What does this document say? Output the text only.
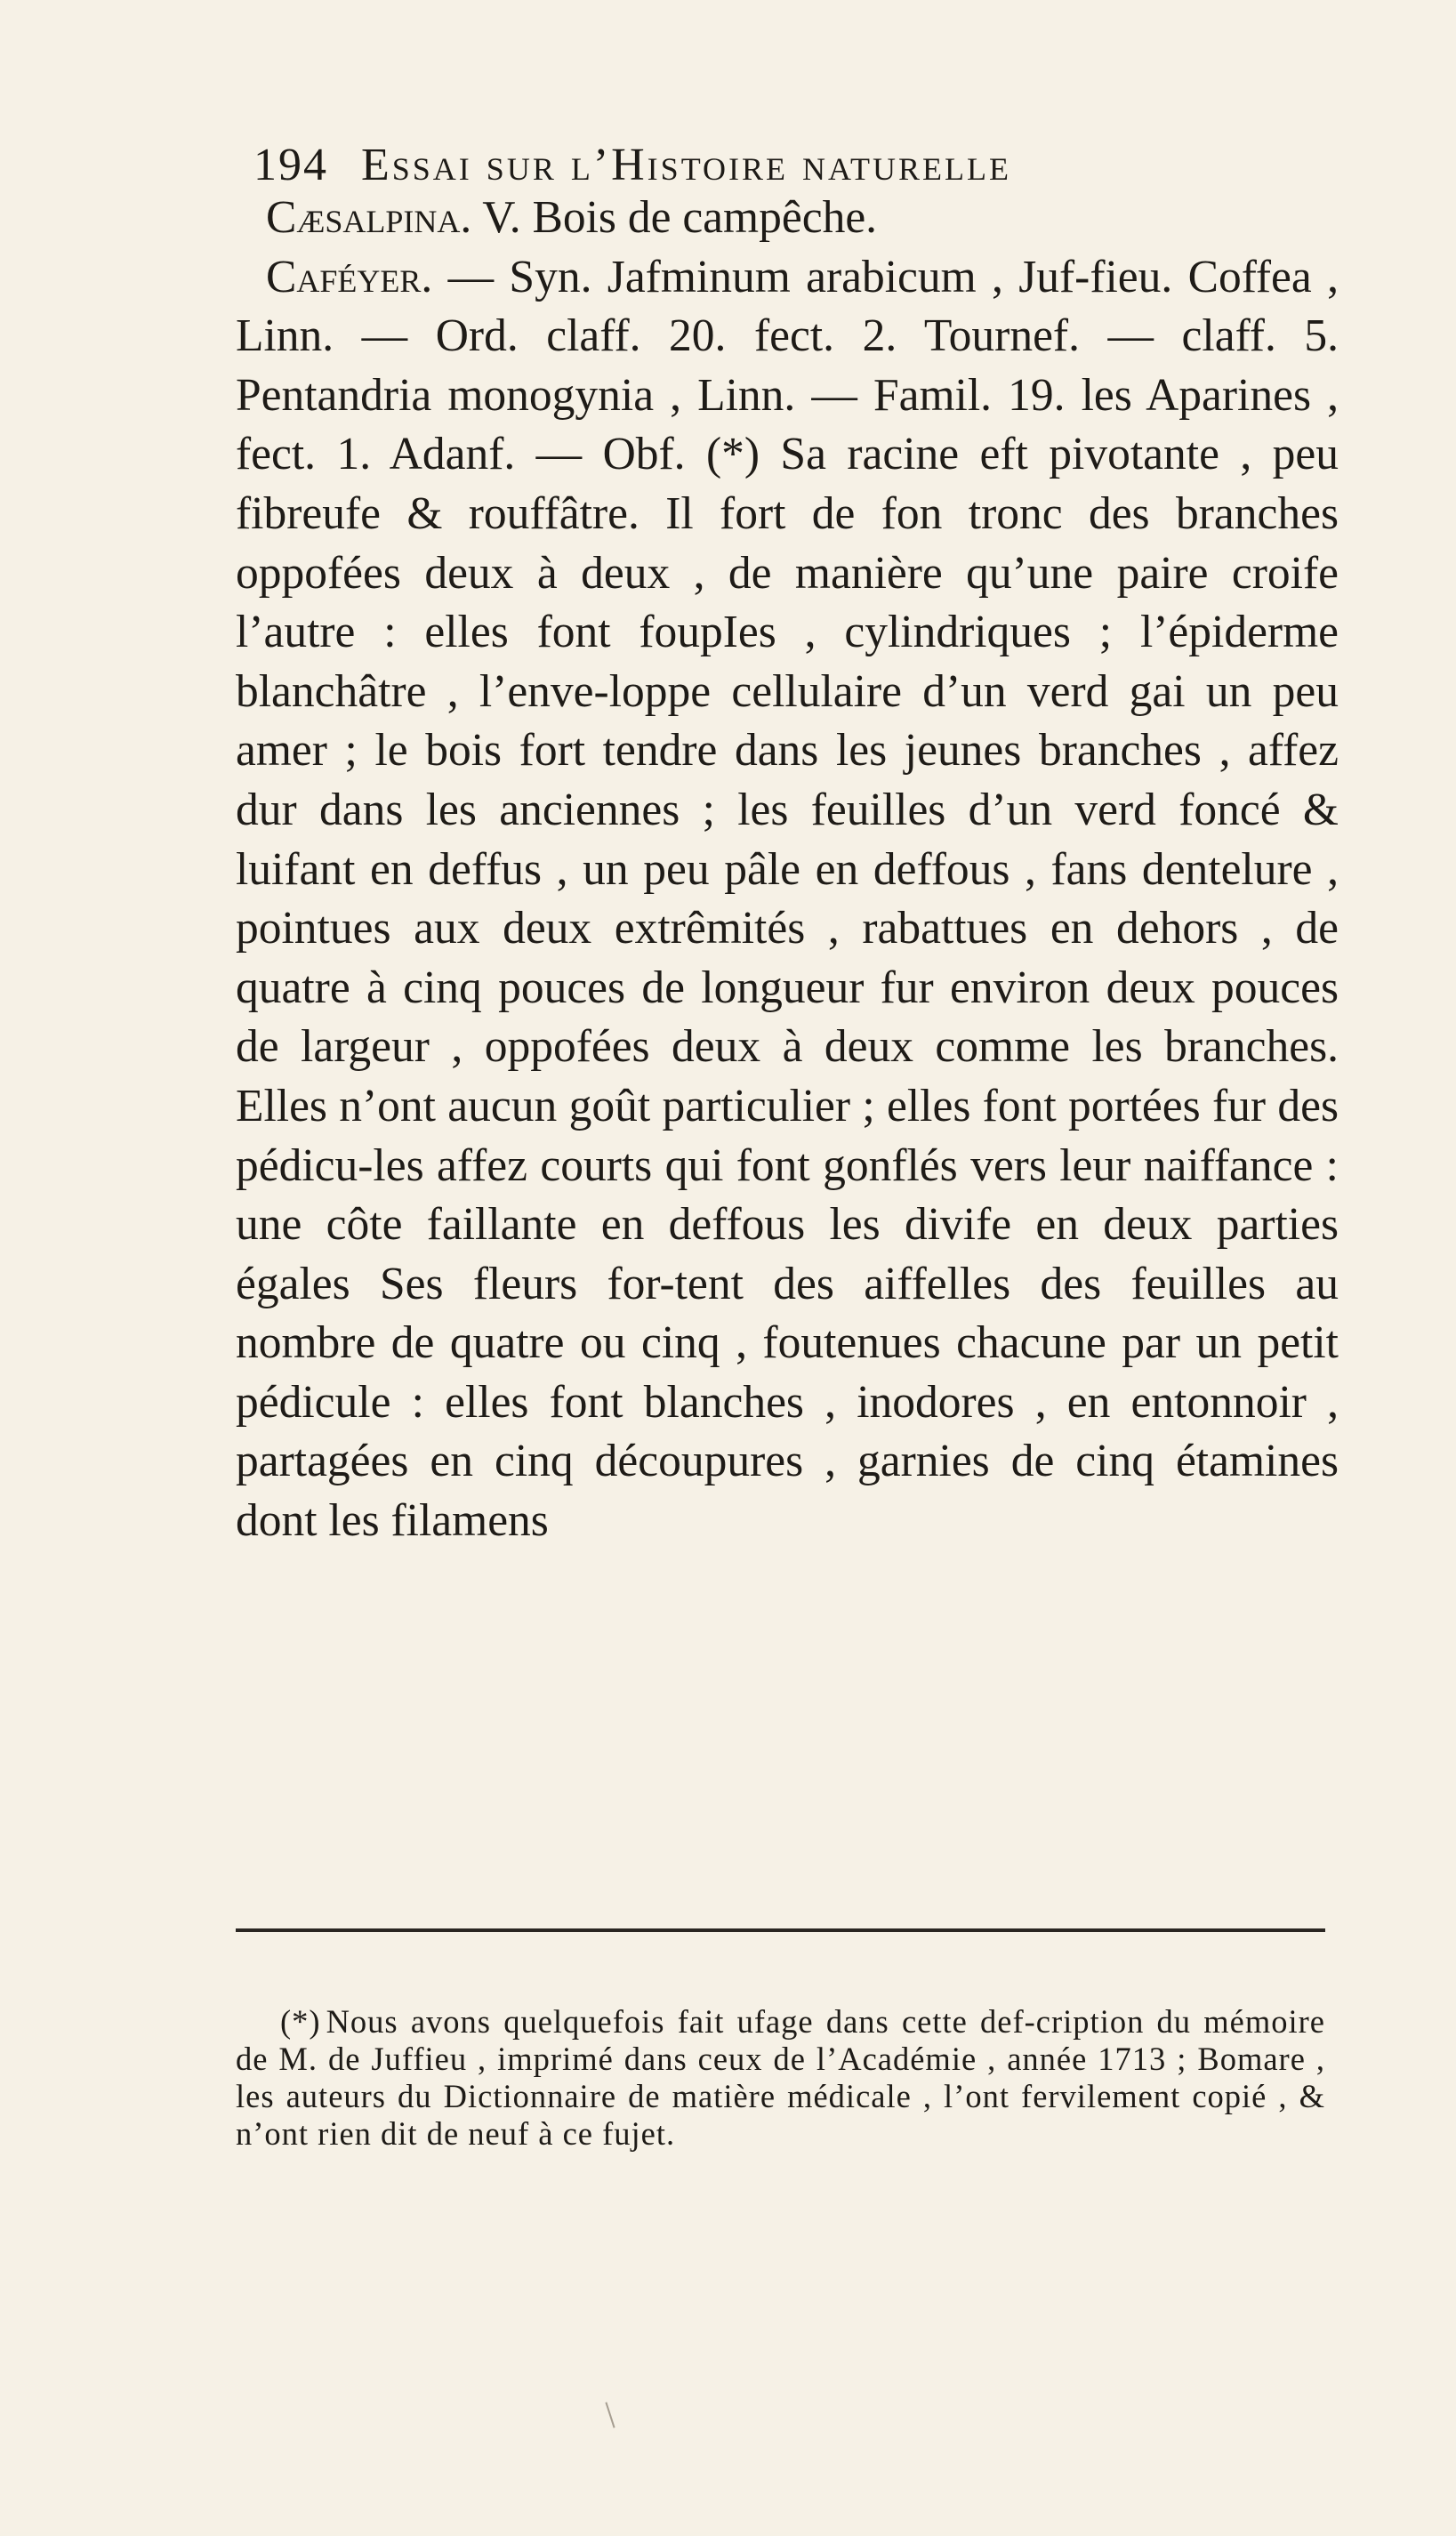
194 Essai sur l’Histoire naturelle
Cæsalpina. V. Bois de campêche.
Caféyer. — Syn. Jafminum arabicum , Juf-fieu. Coffea , Linn. — Ord. claff. 20. fect. 2. Tournef. — claff. 5. Pentandria monogynia , Linn. — Famil. 19. les Aparines , fect. 1. Adanf. — Obf. (*) Sa racine eft pivotante , peu fibreufe & rouffâtre. Il fort de fon tronc des branches oppofées deux à deux , de manière qu’une paire croife l’autre : elles font foupIes , cylindriques ; l’épiderme blanchâtre , l’enve-loppe cellulaire d’un verd gai un peu amer ; le bois fort tendre dans les jeunes branches , affez dur dans les anciennes ; les feuilles d’un verd foncé & luifant en deffus , un peu pâle en deffous , fans dentelure , pointues aux deux extrêmités , rabattues en dehors , de quatre à cinq pouces de longueur fur environ deux pouces de largeur , oppofées deux à deux comme les branches. Elles n’ont aucun goût particulier ; elles font portées fur des pédicu-les affez courts qui font gonflés vers leur naiffance : une côte faillante en deffous les divife en deux parties égales Ses fleurs for-tent des aiffelles des feuilles au nombre de quatre ou cinq , foutenues chacune par un petit pédicule : elles font blanches , inodores , en entonnoir , partagées en cinq découpures , garnies de cinq étamines dont les filamens
(*) Nous avons quelquefois fait ufage dans cette def-cription du mémoire de M. de Juffieu , imprimé dans ceux de l’Académie , année 1713 ; Bomare , les auteurs du Dictionnaire de matière médicale , l’ont fervilement copié , & n’ont rien dit de neuf à ce fujet.
